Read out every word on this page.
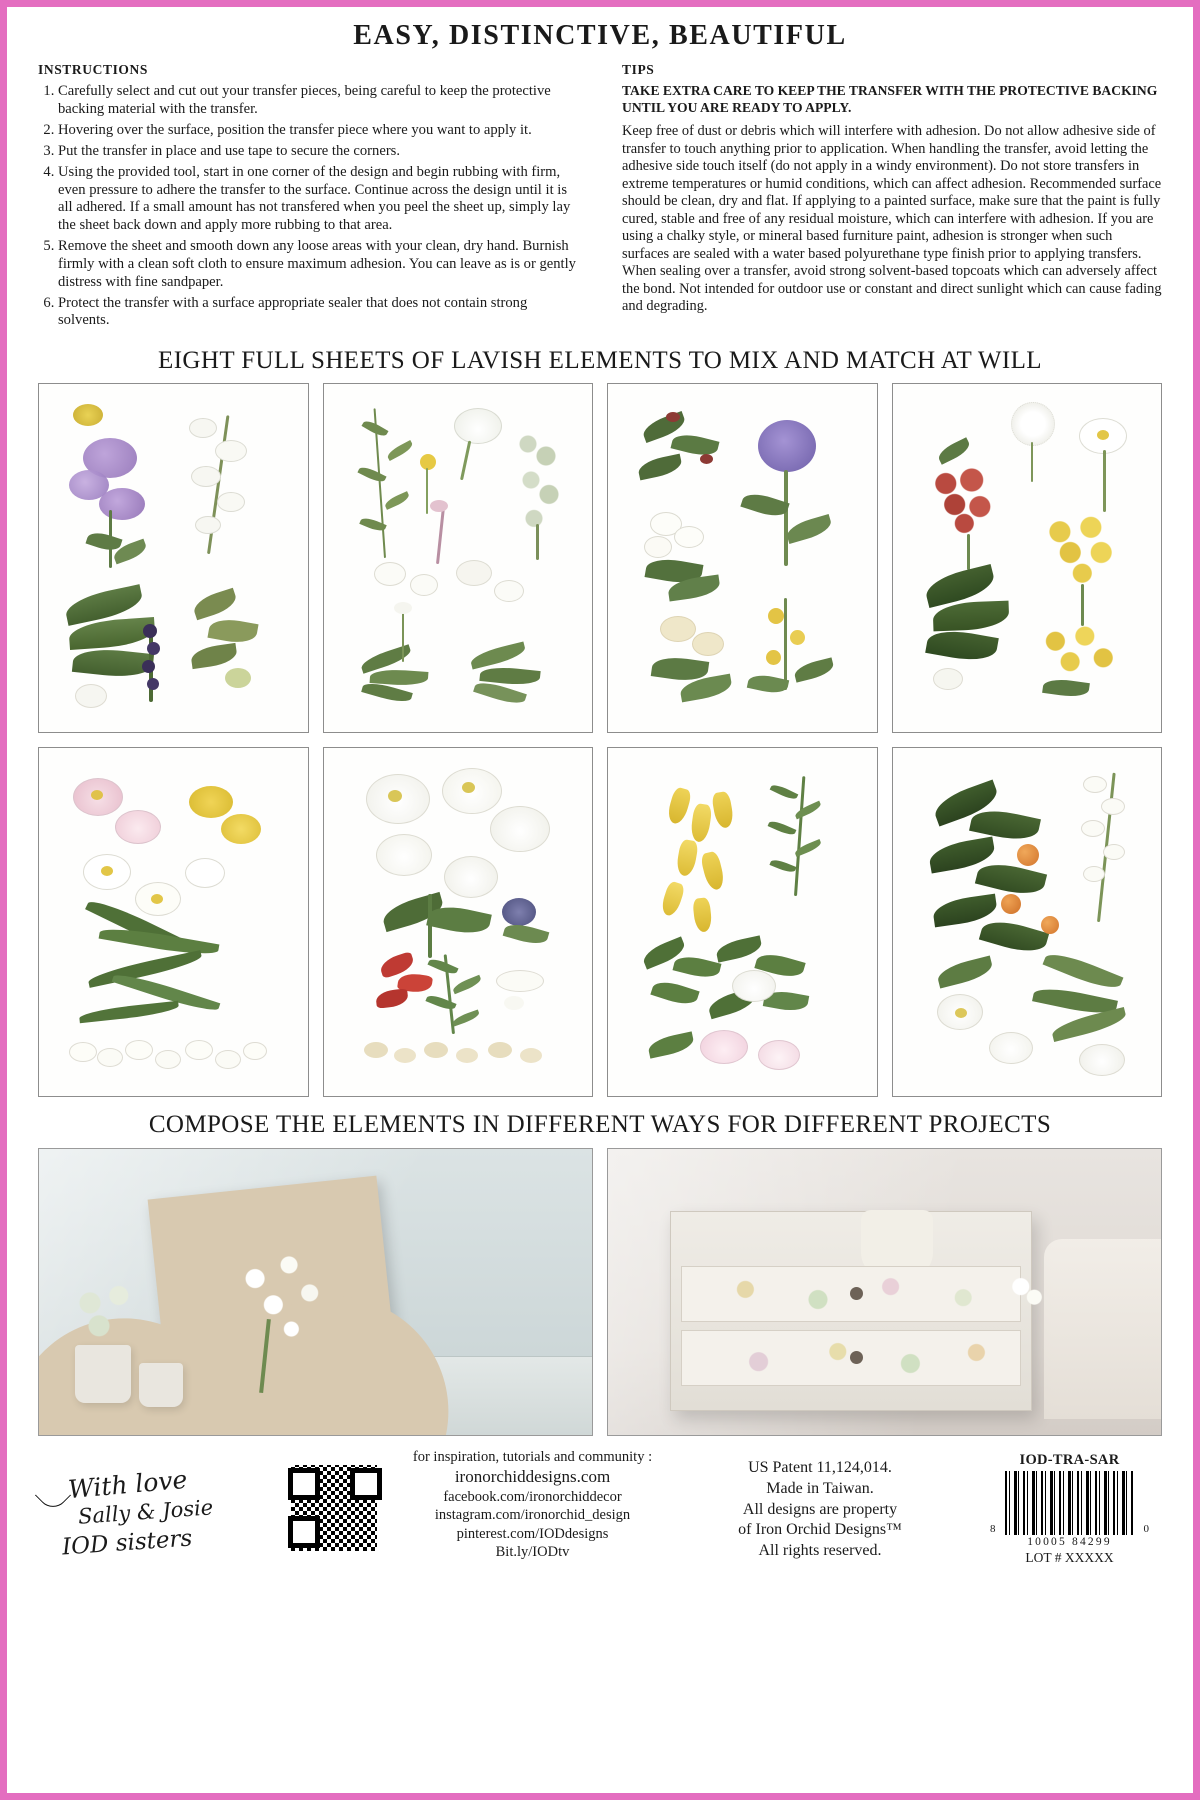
EASY, DISTINCTIVE, BEAUTIFUL
INSTRUCTIONS
1. Carefully select and cut out your transfer pieces, being careful to keep the protective backing material with the transfer.
2. Hovering over the surface, position the transfer piece where you want to apply it.
3. Put the transfer in place and use tape to secure the corners.
4. Using the provided tool, start in one corner of the design and begin rubbing with firm, even pressure to adhere the transfer to the surface. Continue across the design until it is all adhered. If a small amount has not transfered when you peel the sheet up, simply lay the sheet back down and apply more rubbing to that area.
5. Remove the sheet and smooth down any loose areas with your clean, dry hand. Burnish firmly with a clean soft cloth to ensure maximum adhesion. You can leave as is or gently distress with fine sandpaper.
6. Protect the transfer with a surface appropriate sealer that does not contain strong solvents.
TIPS
TAKE EXTRA CARE TO KEEP THE TRANSFER WITH THE PROTECTIVE BACKING UNTIL YOU ARE READY TO APPLY.
Keep free of dust or debris which will interfere with adhesion. Do not allow adhesive side of transfer to touch anything prior to application. When handling the transfer, avoid letting the adhesive side touch itself (do not apply in a windy environment). Do not store transfers in extreme temperatures or humid conditions, which can affect adhesion. Recommended surface should be clean, dry and flat. If applying to a painted surface, make sure that the paint is fully cured, stable and free of any residual moisture, which can interfere with adhesion. If you are using a chalky style, or mineral based furniture paint, adhesion is stronger when such surfaces are sealed with a water based polyurethane type finish prior to applying transfers. When sealing over a transfer, avoid strong solvent-based topcoats which can adversely affect the bond. Not intended for outdoor use or constant and direct sunlight which can cause fading and degrading.
EIGHT FULL SHEETS OF LAVISH ELEMENTS TO MIX AND MATCH AT WILL
COMPOSE THE ELEMENTS IN DIFFERENT WAYS FOR DIFFERENT PROJECTS
With love
Sally & Josie
IOD sisters
for inspiration, tutorials and community :
ironorchiddesigns.com
facebook.com/ironorchiddecor
instagram.com/ironorchid_design
pinterest.com/IODdesigns
Bit.ly/IODtv
US Patent 11,124,014.
Made in Taiwan.
All designs are property
of Iron Orchid Designs™
All rights reserved.
IOD-TRA-SAR
8	0
10005 84299
LOT # XXXXX
